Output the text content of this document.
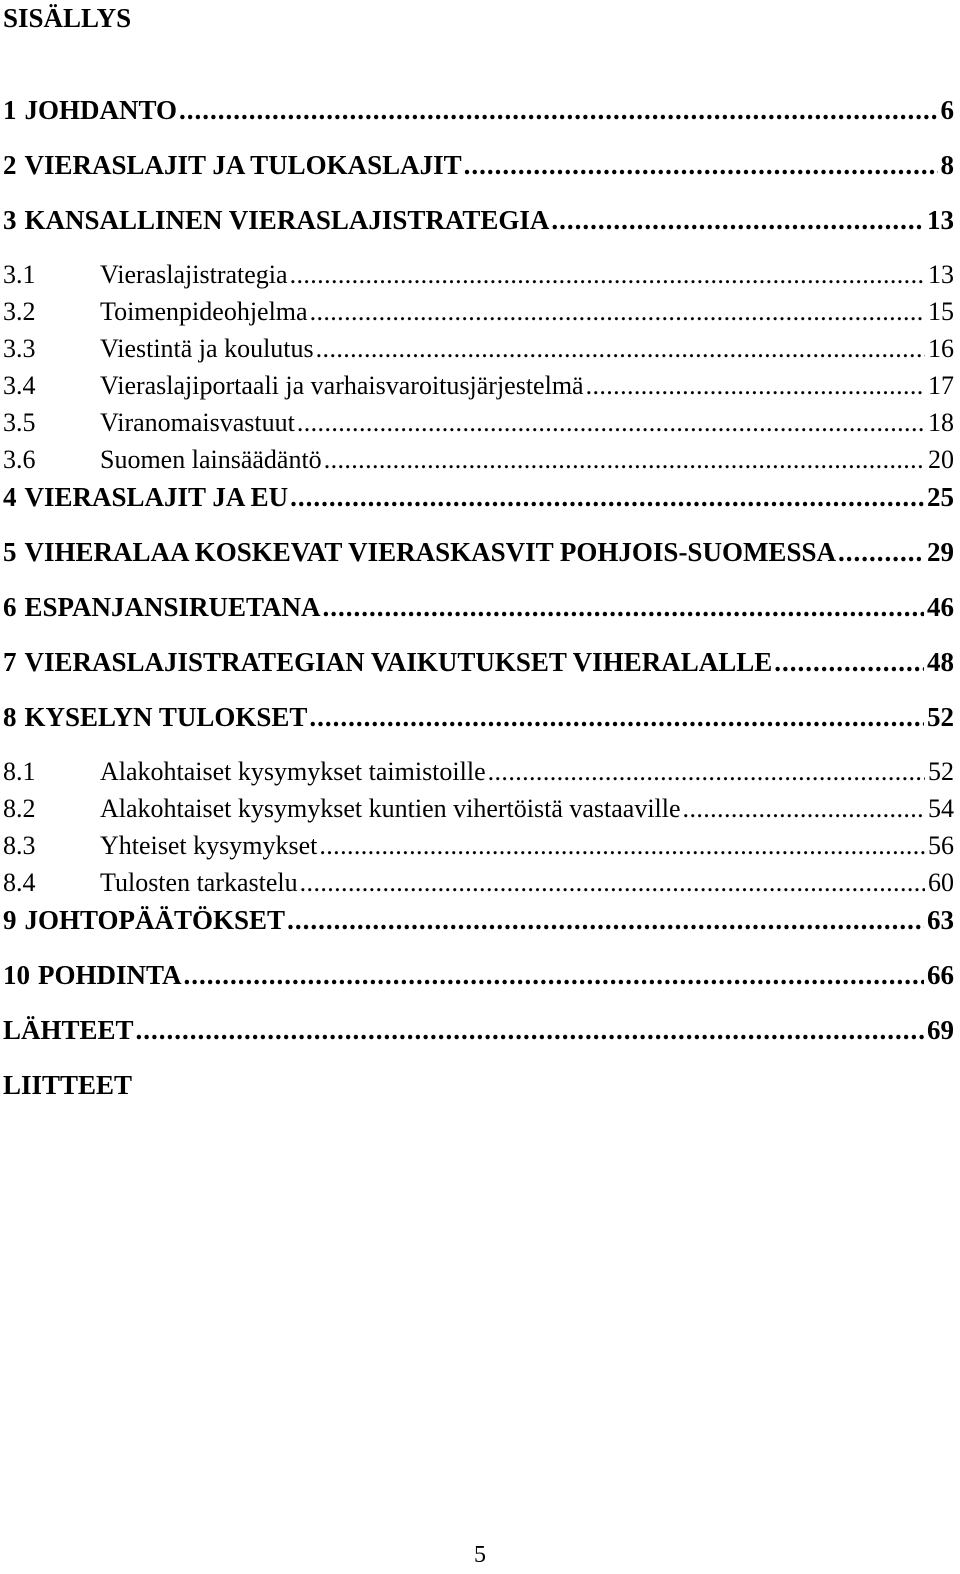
SISÄLLYS
1 JOHDANTO .....	6
2 VIERASLAJIT JA TULOKASLAJIT .....	8
3 KANSALLINEN VIERASLAJISTRATEGIA .....	13
3.1	Vieraslajistrategia .....	13
3.2	Toimenpideohjelma .....	15
3.3	Viestintä ja koulutus .....	16
3.4	Vieraslajiportaali ja varhaisvaroitusjärjestelmä .....	17
3.5	Viranomaisvastuut .....	18
3.6	Suomen lainsäädäntö .....	20
4 VIERASLAJIT JA EU .....	25
5 VIHERALAA KOSKEVAT VIERASKASVIT POHJOIS-SUOMESSA .....	29
6 ESPANJANSIRUETANA .....	46
7 VIERASLAJISTRATEGIAN VAIKUTUKSET VIHERALALLE .....	48
8 KYSELYN TULOKSET .....	52
8.1	Alakohtaiset kysymykset taimistoille .....	52
8.2	Alakohtaiset kysymykset kuntien vihertöistä vastaaville .....	54
8.3	Yhteiset kysymykset .....	56
8.4	Tulosten tarkastelu .....	60
9 JOHTOPÄÄTÖKSET .....	63
10 POHDINTA .....	66
LÄHTEET .....	69
LIITTEET
5
